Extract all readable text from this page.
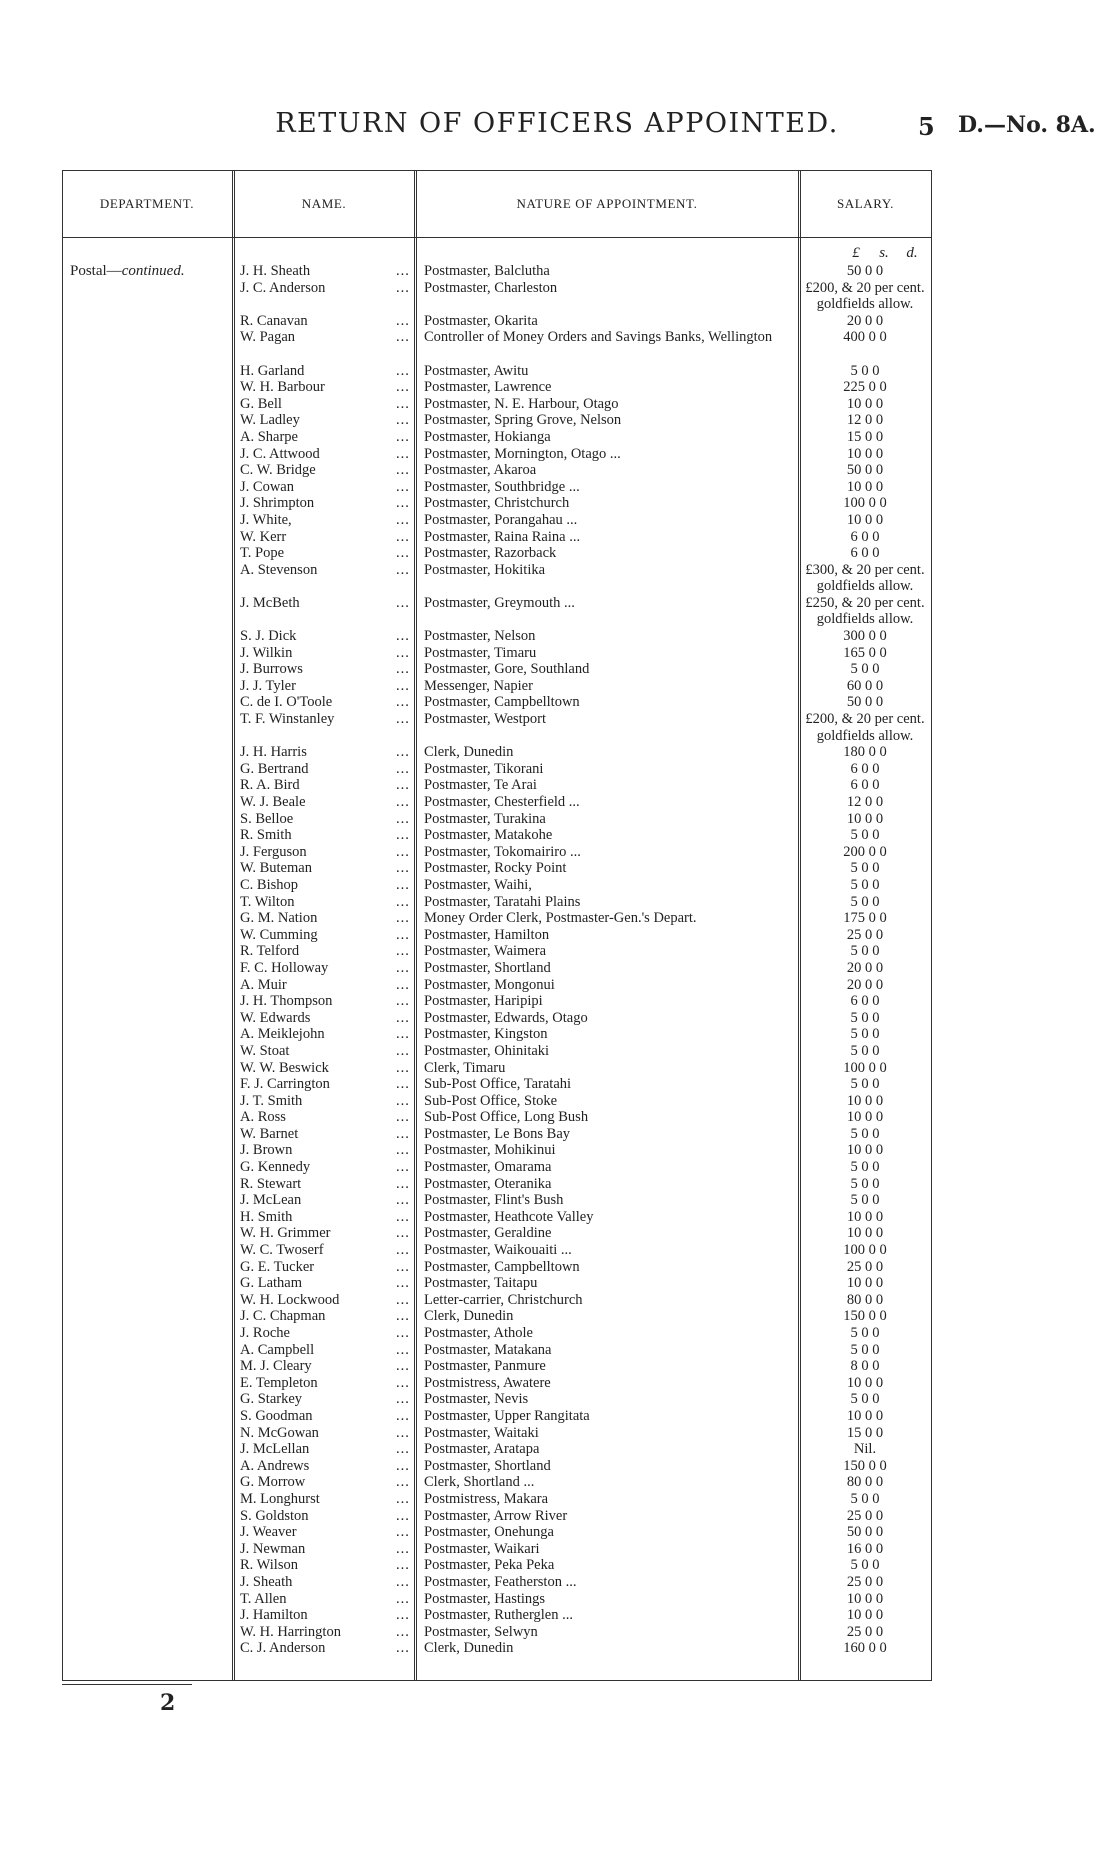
RETURN OF OFFICERS APPOINTED.	5 D.—No. 8A.
DEPARTMENT.	NAME.	NATURE OF APPOINTMENT.	SALARY.
£ s. d.
Postal—continued.	J. H. Sheath	... Postmaster, Balclutha	50 0 0
J. C. Anderson	... Postmaster, Charleston	£200, & 20 per cent. goldfields allow.
R. Canavan	... Postmaster, Okarita	20 0 0
W. Pagan	... Controller of Money Orders and Savings Banks, Wellington	400 0 0
H. Garland	... Postmaster, Awitu	5 0 0
W. H. Barbour	... Postmaster, Lawrence	225 0 0
G. Bell	... Postmaster, N. E. Harbour, Otago	10 0 0
W. Ladley	... Postmaster, Spring Grove, Nelson	12 0 0
A. Sharpe	... Postmaster, Hokianga	15 0 0
J. C. Attwood	... Postmaster, Mornington, Otago ...	10 0 0
C. W. Bridge	... Postmaster, Akaroa	50 0 0
J. Cowan	... Postmaster, Southbridge ...	10 0 0
J. Shrimpton	... Postmaster, Christchurch	100 0 0
J. White,	... Postmaster, Porangahau ...	10 0 0
W. Kerr	... Postmaster, Raina Raina ...	6 0 0
T. Pope	... Postmaster, Razorback	6 0 0
A. Stevenson	... Postmaster, Hokitika	£300, & 20 per cent. goldfields allow.
J. McBeth	... Postmaster, Greymouth ...	£250, & 20 per cent. goldfields allow.
S. J. Dick	... Postmaster, Nelson	300 0 0
J. Wilkin	... Postmaster, Timaru	165 0 0
J. Burrows	... Postmaster, Gore, Southland	5 0 0
J. J. Tyler	... Messenger, Napier	60 0 0
C. de I. O'Toole	... Postmaster, Campbelltown	50 0 0
T. F. Winstanley	... Postmaster, Westport	£200, & 20 per cent. goldfields allow.
J. H. Harris	... Clerk, Dunedin	180 0 0
G. Bertrand	... Postmaster, Tikorani	6 0 0
R. A. Bird	... Postmaster, Te Arai	6 0 0
W. J. Beale	... Postmaster, Chesterfield ...	12 0 0
S. Belloe	... Postmaster, Turakina	10 0 0
R. Smith	... Postmaster, Matakohe	5 0 0
J. Ferguson	... Postmaster, Tokomairiro ...	200 0 0
W. Buteman	... Postmaster, Rocky Point	5 0 0
C. Bishop	... Postmaster, Waihi,	5 0 0
T. Wilton	... Postmaster, Taratahi Plains	5 0 0
G. M. Nation	... Money Order Clerk, Postmaster-Gen.'s Depart.	175 0 0
W. Cumming	... Postmaster, Hamilton	25 0 0
R. Telford	... Postmaster, Waimera	5 0 0
F. C. Holloway	... Postmaster, Shortland	20 0 0
A. Muir	... Postmaster, Mongonui	20 0 0
J. H. Thompson	... Postmaster, Haripipi	6 0 0
W. Edwards	... Postmaster, Edwards, Otago	5 0 0
A. Meiklejohn	... Postmaster, Kingston	5 0 0
W. Stoat	... Postmaster, Ohinitaki	5 0 0
W. W. Beswick	... Clerk, Timaru	100 0 0
F. J. Carrington	... Sub-Post Office, Taratahi	5 0 0
J. T. Smith	... Sub-Post Office, Stoke	10 0 0
A. Ross	... Sub-Post Office, Long Bush	10 0 0
W. Barnet	... Postmaster, Le Bons Bay	5 0 0
J. Brown	... Postmaster, Mohikinui	10 0 0
G. Kennedy	... Postmaster, Omarama	5 0 0
R. Stewart	... Postmaster, Oteranika	5 0 0
J. McLean	... Postmaster, Flint's Bush	5 0 0
H. Smith	... Postmaster, Heathcote Valley	10 0 0
W. H. Grimmer	... Postmaster, Geraldine	10 0 0
W. C. Twoserf	... Postmaster, Waikouaiti ...	100 0 0
G. E. Tucker	... Postmaster, Campbelltown	25 0 0
G. Latham	... Postmaster, Taitapu	10 0 0
W. H. Lockwood	... Letter-carrier, Christchurch	80 0 0
J. C. Chapman	... Clerk, Dunedin	150 0 0
J. Roche	... Postmaster, Athole	5 0 0
A. Campbell	... Postmaster, Matakana	5 0 0
M. J. Cleary	... Postmaster, Panmure	8 0 0
E. Templeton	... Postmistress, Awatere	10 0 0
G. Starkey	... Postmaster, Nevis	5 0 0
S. Goodman	... Postmaster, Upper Rangitata	10 0 0
N. McGowan	... Postmaster, Waitaki	15 0 0
J. McLellan	... Postmaster, Aratapa	Nil.
A. Andrews	... Postmaster, Shortland	150 0 0
G. Morrow	... Clerk, Shortland ...	80 0 0
M. Longhurst	... Postmistress, Makara	5 0 0
S. Goldston	... Postmaster, Arrow River	25 0 0
J. Weaver	... Postmaster, Onehunga	50 0 0
J. Newman	... Postmaster, Waikari	16 0 0
R. Wilson	... Postmaster, Peka Peka	5 0 0
J. Sheath	... Postmaster, Featherston ...	25 0 0
T. Allen	... Postmaster, Hastings	10 0 0
J. Hamilton	... Postmaster, Rutherglen ...	10 0 0
W. H. Harrington	... Postmaster, Selwyn	25 0 0
C. J. Anderson	... Clerk, Dunedin	160 0 0
2
